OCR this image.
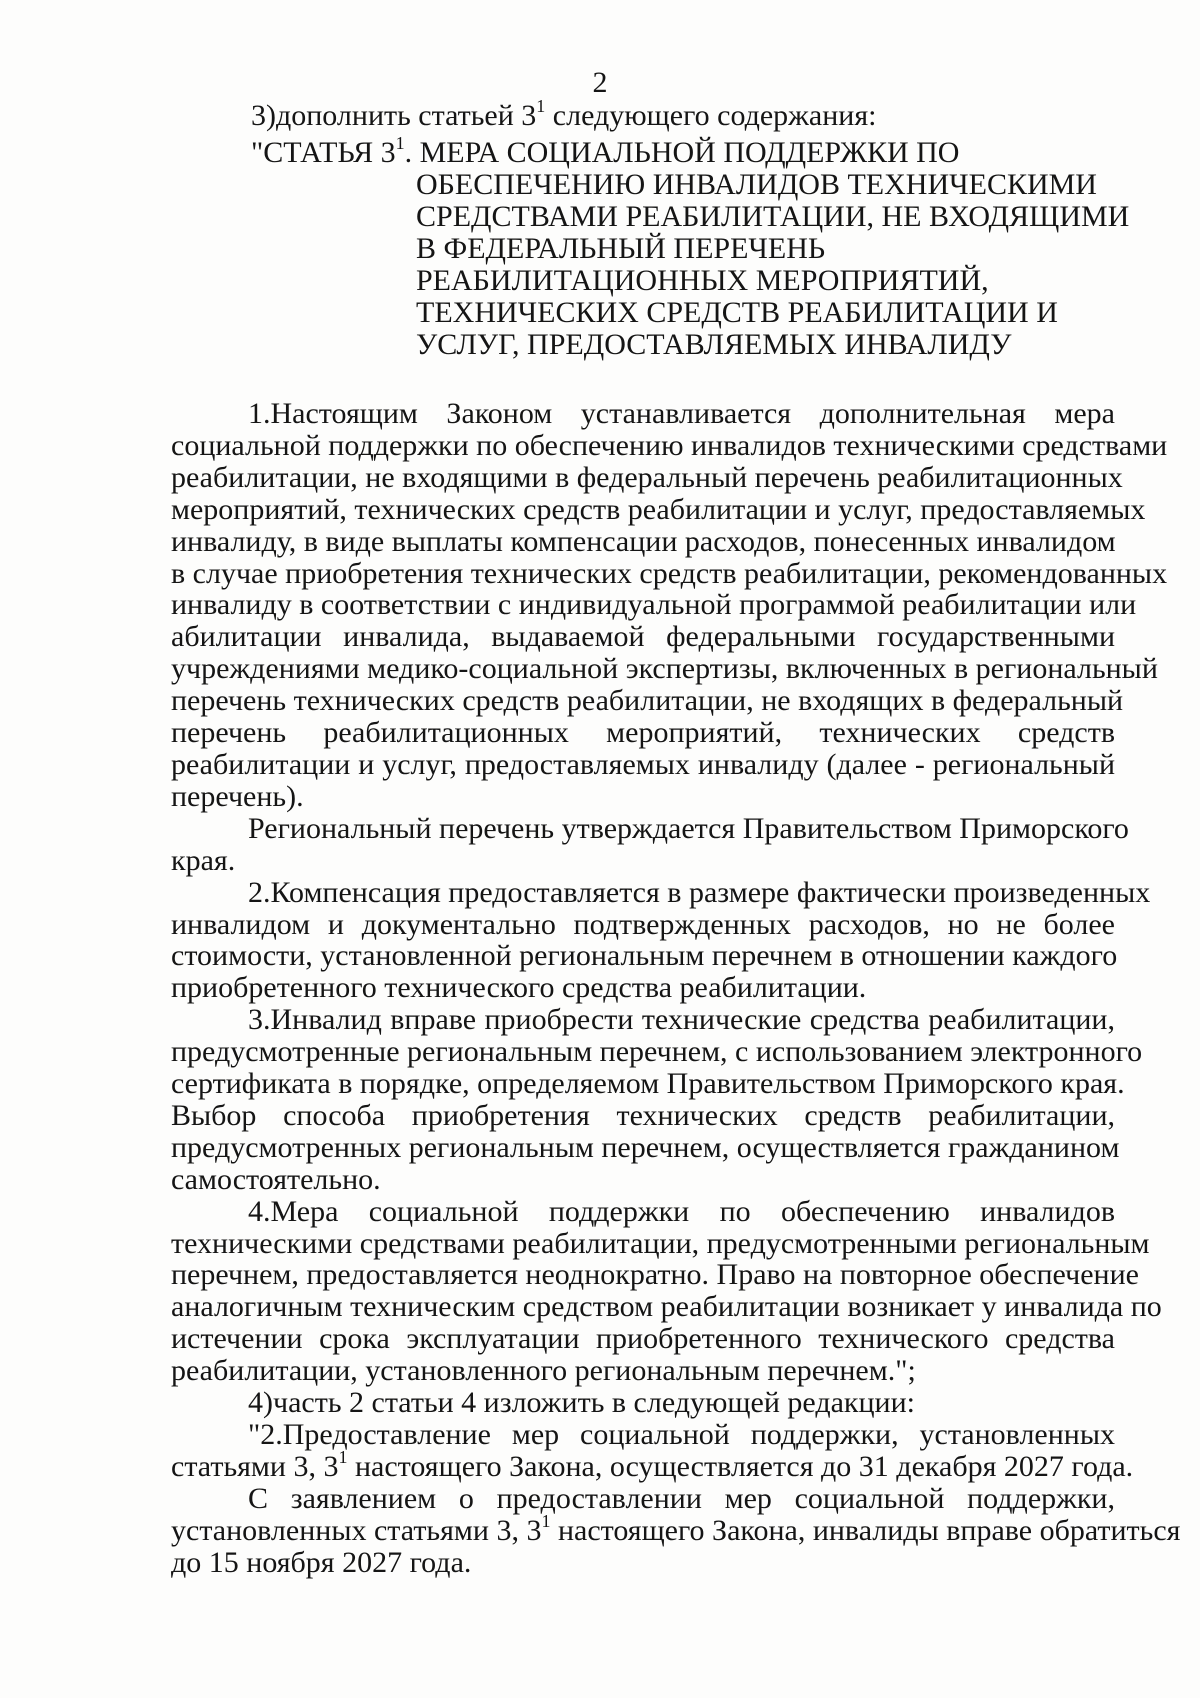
2
3)дополнить статьей $3^1$ следующего содержания:
"СТАТЬЯ $3^1$. МЕРА СОЦИАЛЬНОЙ ПОДДЕРЖКИ ПО
ОБЕСПЕЧЕНИЮ ИНВАЛИДОВ ТЕХНИЧЕСКИМИ
СРЕДСТВАМИ РЕАБИЛИТАЦИИ, НЕ ВХОДЯЩИМИ
В ФЕДЕРАЛЬНЫЙ ПЕРЕЧЕНЬ
РЕАБИЛИТАЦИОННЫХ МЕРОПРИЯТИЙ,
ТЕХНИЧЕСКИХ СРЕДСТВ РЕАБИЛИТАЦИИ И
УСЛУГ, ПРЕДОСТАВЛЯЕМЫХ ИНВАЛИДУ
1.Настоящим Законом устанавливается дополнительная мера
социальной поддержки по обеспечению инвалидов техническими средствами
реабилитации, не входящими в федеральный перечень реабилитационных
мероприятий, технических средств реабилитации и услуг, предоставляемых
инвалиду, в виде выплаты компенсации расходов, понесенных инвалидом
в случае приобретения технических средств реабилитации, рекомендованных
инвалиду в соответствии с индивидуальной программой реабилитации или
абилитации инвалида, выдаваемой федеральными государственными
учреждениями медико-социальной экспертизы, включенных в региональный
перечень технических средств реабилитации, не входящих в федеральный
перечень реабилитационных мероприятий, технических средств
реабилитации и услуг, предоставляемых инвалиду (далее - региональный
перечень).
Региональный перечень утверждается Правительством Приморского
края.
2.Компенсация предоставляется в размере фактически произведенных
инвалидом и документально подтвержденных расходов, но не более
стоимости, установленной региональным перечнем в отношении каждого
приобретенного технического средства реабилитации.
3.Инвалид вправе приобрести технические средства реабилитации,
предусмотренные региональным перечнем, с использованием электронного
сертификата в порядке, определяемом Правительством Приморского края.
Выбор способа приобретения технических средств реабилитации,
предусмотренных региональным перечнем, осуществляется гражданином
самостоятельно.
4.Мера социальной поддержки по обеспечению инвалидов
техническими средствами реабилитации, предусмотренными региональным
перечнем, предоставляется неоднократно. Право на повторное обеспечение
аналогичным техническим средством реабилитации возникает у инвалида по
истечении срока эксплуатации приобретенного технического средства
реабилитации, установленного региональным перечнем.";
4)часть 2 статьи 4 изложить в следующей редакции:
"2.Предоставление мер социальной поддержки, установленных
статьями 3, $3^1$ настоящего Закона, осуществляется до 31 декабря 2027 года.
С заявлением о предоставлении мер социальной поддержки,
установленных статьями 3, $3^1$ настоящего Закона, инвалиды вправе обратиться
до 15 ноября 2027 года.
